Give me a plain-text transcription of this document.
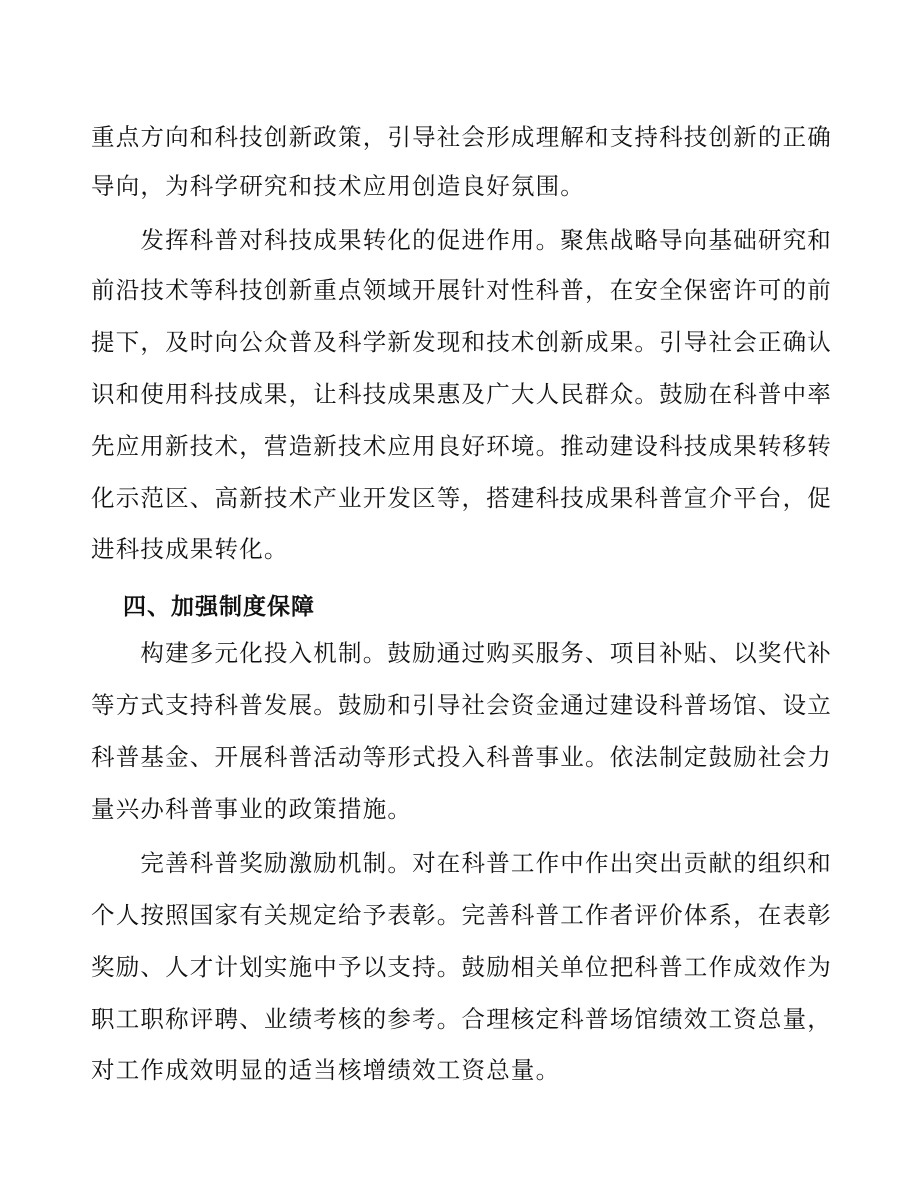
重点方向和科技创新政策，引导社会形成理解和支持科技创新的正确
导向，为科学研究和技术应用创造良好氛围。
　　发挥科普对科技成果转化的促进作用。聚焦战略导向基础研究和
前沿技术等科技创新重点领域开展针对性科普，在安全保密许可的前
提下，及时向公众普及科学新发现和技术创新成果。引导社会正确认
识和使用科技成果，让科技成果惠及广大人民群众。鼓励在科普中率
先应用新技术，营造新技术应用良好环境。推动建设科技成果转移转
化示范区、高新技术产业开发区等，搭建科技成果科普宣介平台，促
进科技成果转化。
四、加强制度保障
　　构建多元化投入机制。鼓励通过购买服务、项目补贴、以奖代补
等方式支持科普发展。鼓励和引导社会资金通过建设科普场馆、设立
科普基金、开展科普活动等形式投入科普事业。依法制定鼓励社会力
量兴办科普事业的政策措施。
　　完善科普奖励激励机制。对在科普工作中作出突出贡献的组织和
个人按照国家有关规定给予表彰。完善科普工作者评价体系，在表彰
奖励、人才计划实施中予以支持。鼓励相关单位把科普工作成效作为
职工职称评聘、业绩考核的参考。合理核定科普场馆绩效工资总量，
对工作成效明显的适当核增绩效工资总量。
